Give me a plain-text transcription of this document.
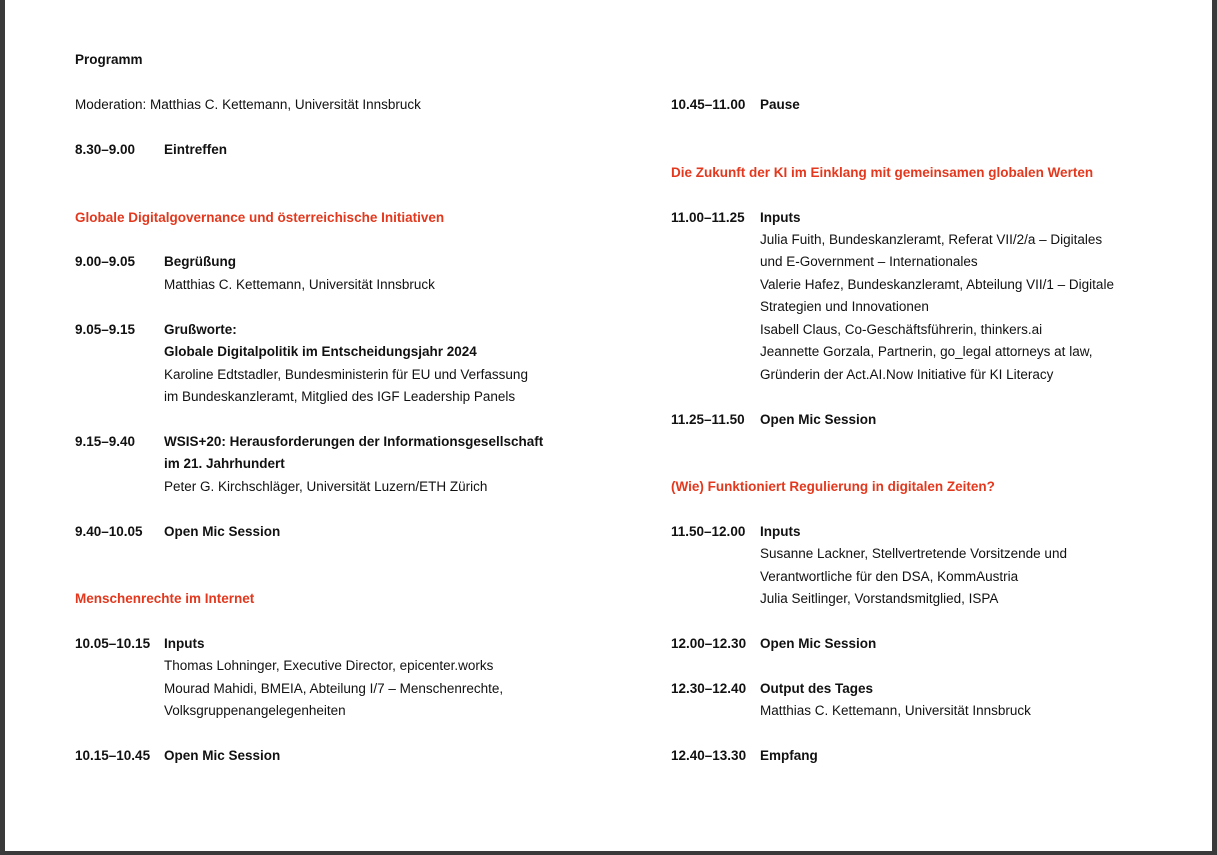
Programm
Moderation: Matthias C. Kettemann, Universität Innsbruck
8.30–9.00 Eintreffen
Globale Digitalgovernance und österreichische Initiativen
9.00–9.05 Begrüßung
Matthias C. Kettemann, Universität Innsbruck
9.05–9.15 Grußworte:
Globale Digitalpolitik im Entscheidungsjahr 2024
Karoline Edtstadler, Bundesministerin für EU und Verfassung
im Bundeskanzleramt, Mitglied des IGF Leadership Panels
9.15–9.40 WSIS+20: Herausforderungen der Informationsgesellschaft
im 21. Jahrhundert
Peter G. Kirchschläger, Universität Luzern/ETH Zürich
9.40–10.05 Open Mic Session
Menschenrechte im Internet
10.05–10.15 Inputs
Thomas Lohninger, Executive Director, epicenter.works
Mourad Mahidi, BMEIA, Abteilung I/7 – Menschenrechte,
Volksgruppenangelegenheiten
10.15–10.45 Open Mic Session
10.45–11.00 Pause
Die Zukunft der KI im Einklang mit gemeinsamen globalen Werten
11.00–11.25 Inputs
Julia Fuith, Bundeskanzleramt, Referat VII/2/a – Digitales
und E-Government – Internationales
Valerie Hafez, Bundeskanzleramt, Abteilung VII/1 – Digitale
Strategien und Innovationen
Isabell Claus, Co-Geschäftsführerin, thinkers.ai
Jeannette Gorzala, Partnerin, go_legal attorneys at law,
Gründerin der Act.AI.Now Initiative für KI Literacy
11.25–11.50 Open Mic Session
(Wie) Funktioniert Regulierung in digitalen Zeiten?
11.50–12.00 Inputs
Susanne Lackner, Stellvertretende Vorsitzende und
Verantwortliche für den DSA, KommAustria
Julia Seitlinger, Vorstandsmitglied, ISPA
12.00–12.30 Open Mic Session
12.30–12.40 Output des Tages
Matthias C. Kettemann, Universität Innsbruck
12.40–13.30 Empfang
